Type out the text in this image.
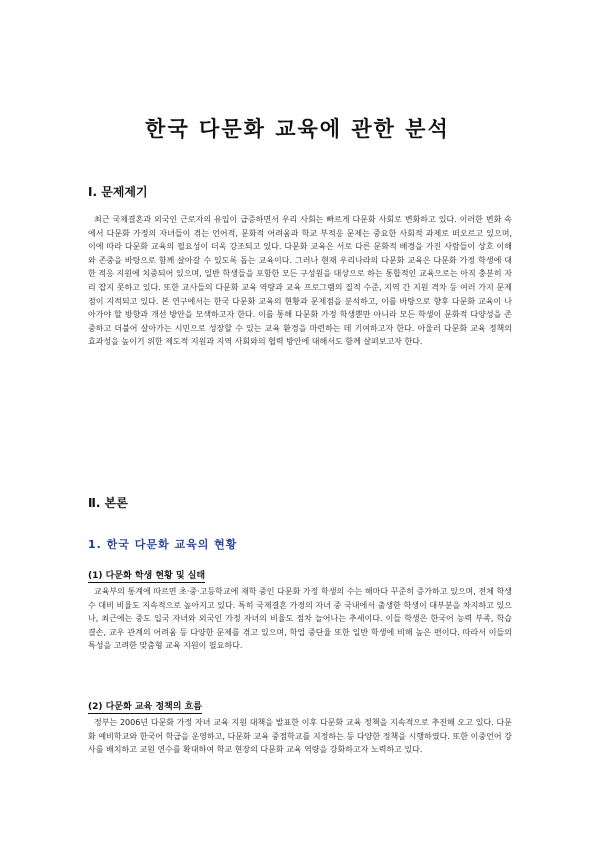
한국 다문화 교육에 관한 분석
Ⅰ. 문제제기
최근 국제결혼과 외국인 근로자의 유입이 급증하면서 우리 사회는 빠르게 다문화 사회로 변화하고 있다. 이러한 변화 속에서 다문화 가정의 자녀들이 겪는 언어적, 문화적 어려움과 학교 부적응 문제는 중요한 사회적 과제로 떠오르고 있으며, 이에 따라 다문화 교육의 필요성이 더욱 강조되고 있다. 다문화 교육은 서로 다른 문화적 배경을 가진 사람들이 상호 이해와 존중을 바탕으로 함께 살아갈 수 있도록 돕는 교육이다. 그러나 현재 우리나라의 다문화 교육은 다문화 가정 학생에 대한 적응 지원에 치중되어 있으며, 일반 학생들을 포함한 모든 구성원을 대상으로 하는 통합적인 교육으로는 아직 충분히 자리 잡지 못하고 있다. 또한 교사들의 다문화 교육 역량과 교육 프로그램의 질적 수준, 지역 간 지원 격차 등 여러 가지 문제점이 지적되고 있다. 본 연구에서는 한국 다문화 교육의 현황과 문제점을 분석하고, 이를 바탕으로 향후 다문화 교육이 나아가야 할 방향과 개선 방안을 모색하고자 한다. 이를 통해 다문화 가정 학생뿐만 아니라 모든 학생이 문화적 다양성을 존중하고 더불어 살아가는 시민으로 성장할 수 있는 교육 환경을 마련하는 데 기여하고자 한다. 아울러 다문화 교육 정책의 효과성을 높이기 위한 제도적 지원과 지역 사회와의 협력 방안에 대해서도 함께 살펴보고자 한다.
Ⅱ. 본론
1. 한국 다문화 교육의 현황
(1) 다문화 학생 현황 및 실태
교육부의 통계에 따르면 초·중·고등학교에 재학 중인 다문화 가정 학생의 수는 해마다 꾸준히 증가하고 있으며, 전체 학생 수 대비 비율도 지속적으로 높아지고 있다. 특히 국제결혼 가정의 자녀 중 국내에서 출생한 학생이 대부분을 차지하고 있으나, 최근에는 중도 입국 자녀와 외국인 가정 자녀의 비율도 점차 늘어나는 추세이다. 이들 학생은 한국어 능력 부족, 학습 결손, 교우 관계의 어려움 등 다양한 문제를 겪고 있으며, 학업 중단율 또한 일반 학생에 비해 높은 편이다. 따라서 이들의 특성을 고려한 맞춤형 교육 지원이 필요하다.
(2) 다문화 교육 정책의 흐름
정부는 2006년 다문화 가정 자녀 교육 지원 대책을 발표한 이후 다문화 교육 정책을 지속적으로 추진해 오고 있다. 다문화 예비학교와 한국어 학급을 운영하고, 다문화 교육 중점학교를 지정하는 등 다양한 정책을 시행하였다. 또한 이중언어 강사를 배치하고 교원 연수를 확대하여 학교 현장의 다문화 교육 역량을 강화하고자 노력하고 있다.
